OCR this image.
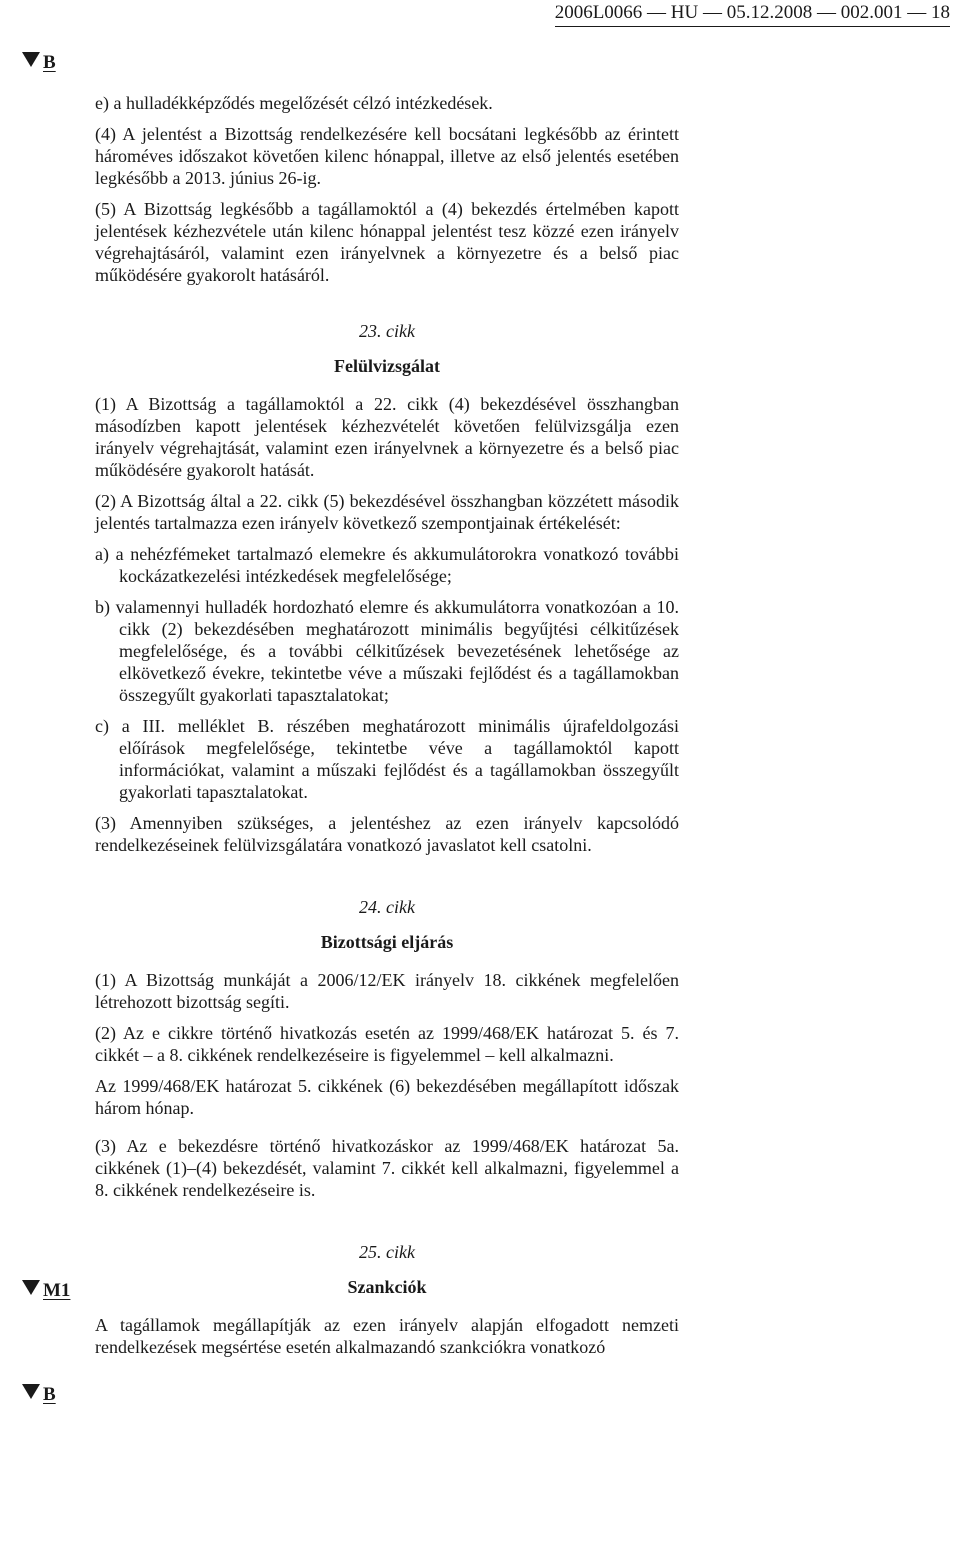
2006L0066 — HU — 05.12.2008 — 002.001 — 18
B
M1
B

e) a hulladékképződés megelőzését célzó intézkedések.

(4) A jelentést a Bizottság rendelkezésére kell bocsátani legkésőbb az érintett hároméves időszakot követően kilenc hónappal, illetve az első jelentés esetében legkésőbb a 2013. június 26-ig.

(5) A Bizottság legkésőbb a tagállamoktól a (4) bekezdés értelmében kapott jelentések kézhezvétele után kilenc hónappal jelentést tesz közzé ezen irányelv végrehajtásáról, valamint ezen irányelvnek a környezetre és a belső piac működésére gyakorolt hatásáról.

23. cikk
Felülvizsgálat

(1) A Bizottság a tagállamoktól a 22. cikk (4) bekezdésével összhangban másodízben kapott jelentések kézhezvételét követően felülvizsgálja ezen irányelv végrehajtását, valamint ezen irányelvnek a környezetre és a belső piac működésére gyakorolt hatását.

(2) A Bizottság által a 22. cikk (5) bekezdésével összhangban közzétett második jelentés tartalmazza ezen irányelv következő szempontjainak értékelését:

a) a nehézfémeket tartalmazó elemekre és akkumulátorokra vonatkozó további kockázatkezelési intézkedések megfelelősége;

b) valamennyi hulladék hordozható elemre és akkumulátorra vonatkozóan a 10. cikk (2) bekezdésében meghatározott minimális begyűjtési célkitűzések megfelelősége, és a további célkitűzések bevezetésének lehetősége az elkövetkező évekre, tekintetbe véve a műszaki fejlődést és a tagállamokban összegyűlt gyakorlati tapasztalatokat;

c) a III. melléklet B. részében meghatározott minimális újrafeldolgozási előírások megfelelősége, tekintetbe véve a tagállamoktól kapott információkat, valamint a műszaki fejlődést és a tagállamokban összegyűlt gyakorlati tapasztalatokat.

(3) Amennyiben szükséges, a jelentéshez az ezen irányelv kapcsolódó rendelkezéseinek felülvizsgálatára vonatkozó javaslatot kell csatolni.

24. cikk
Bizottsági eljárás

(1) A Bizottság munkáját a 2006/12/EK irányelv 18. cikkének megfelelően létrehozott bizottság segíti.

(2) Az e cikkre történő hivatkozás esetén az 1999/468/EK határozat 5. és 7. cikkét – a 8. cikkének rendelkezéseire is figyelemmel – kell alkalmazni.

Az 1999/468/EK határozat 5. cikkének (6) bekezdésében megállapított időszak három hónap.

(3) Az e bekezdésre történő hivatkozáskor az 1999/468/EK határozat 5a. cikkének (1)–(4) bekezdését, valamint 7. cikkét kell alkalmazni, figyelemmel a 8. cikkének rendelkezéseire is.

25. cikk
Szankciók

A tagállamok megállapítják az ezen irányelv alapján elfogadott nemzeti rendelkezések megsértése esetén alkalmazandó szankciókra vonatkozó
